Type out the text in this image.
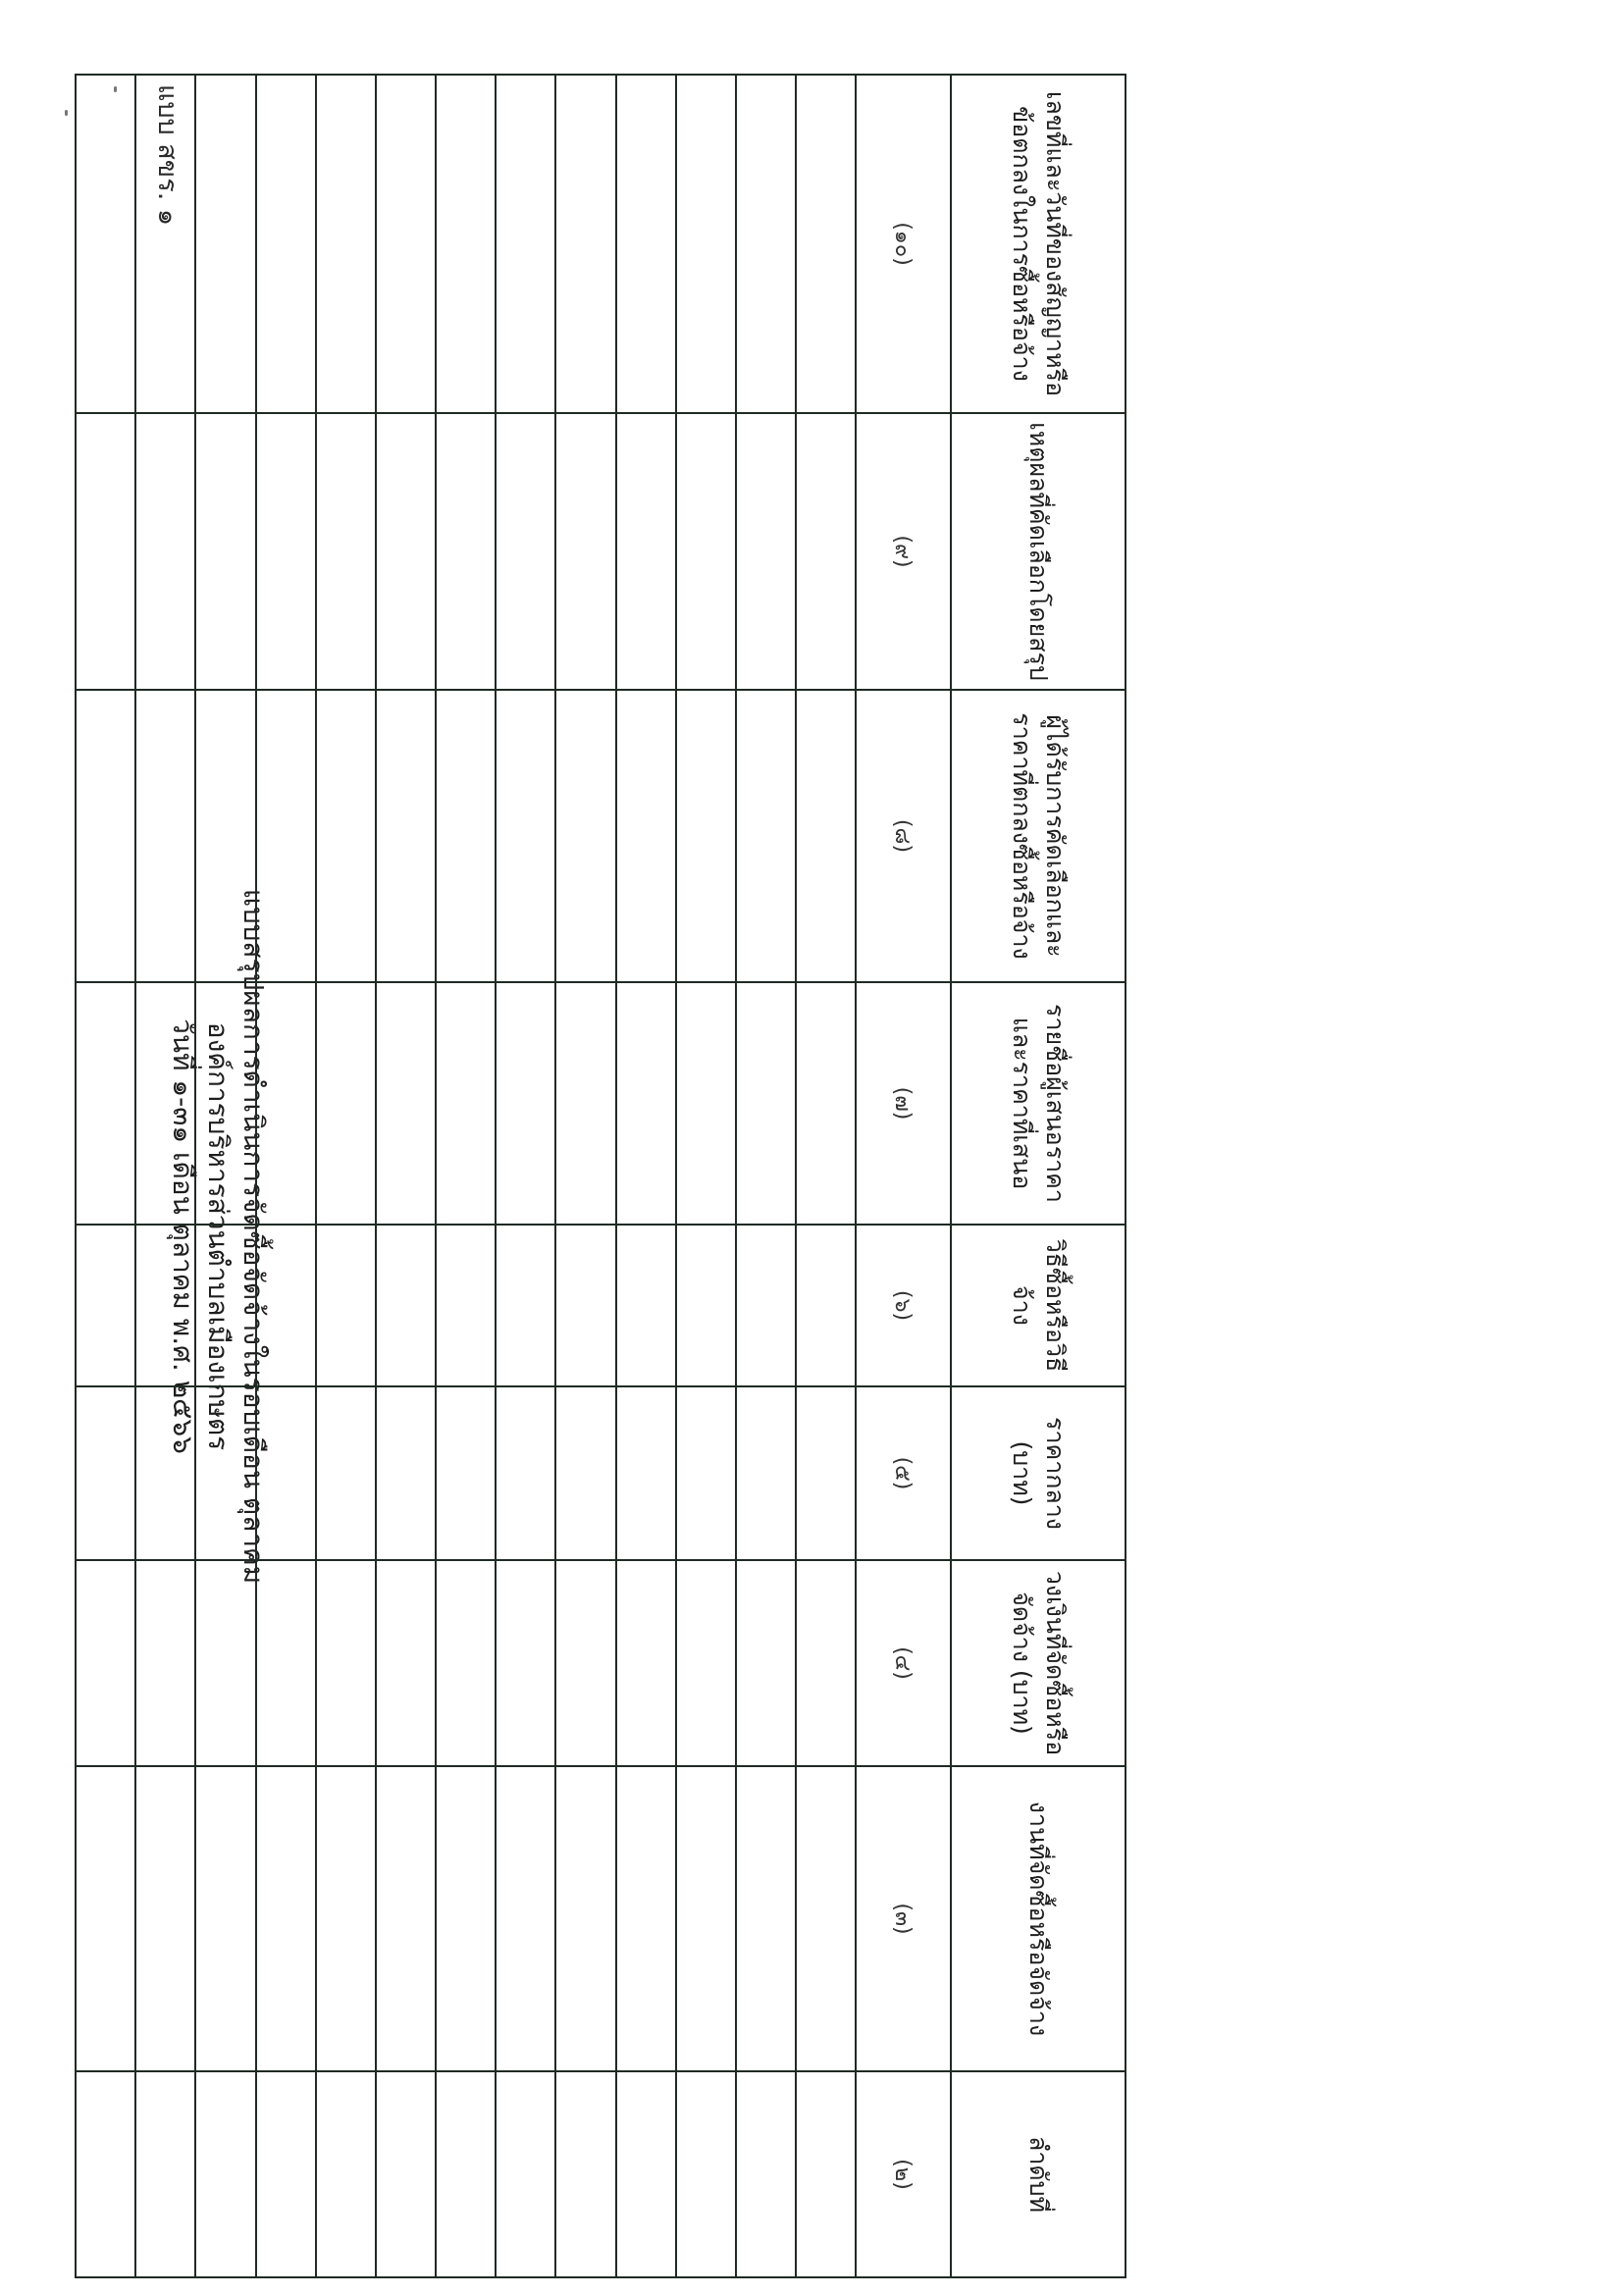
แบบ สขร. ๑
แบบสรุปผลการดำเนินการจัดซื้อจัดจ้างในรอบเดือน ตุลาคม
องค์การบริหารส่วนตำบลเมืองเกษตร
วันที่ ๑-๓๑ เดือน ตุลาคม พ.ศ. ๒๕๖๖
เลขที่และวันที่ของสัญญาหรือข้อตกลงในการซื้อหรือจ้าง	เหตุผลที่คัดเลือกโดยสรุป	ผู้ได้รับการคัดเลือกและราคาที่ตกลงซื้อหรือจ้าง	รายชื่อผู้เสนอราคาและราคาที่เสนอ	วิธีซื้อหรือวิธีจ้าง	ราคากลาง (บาท)	วงเงินที่จัดซื้อหรือจัดจ้าง (บาท)	งานที่จัดซื้อหรือจัดจ้าง	ลำดับที่
(๑๐)	(๙)	(๘)	(๗)	(๖)	(๕)	(๔)	(๓)	(๒)
